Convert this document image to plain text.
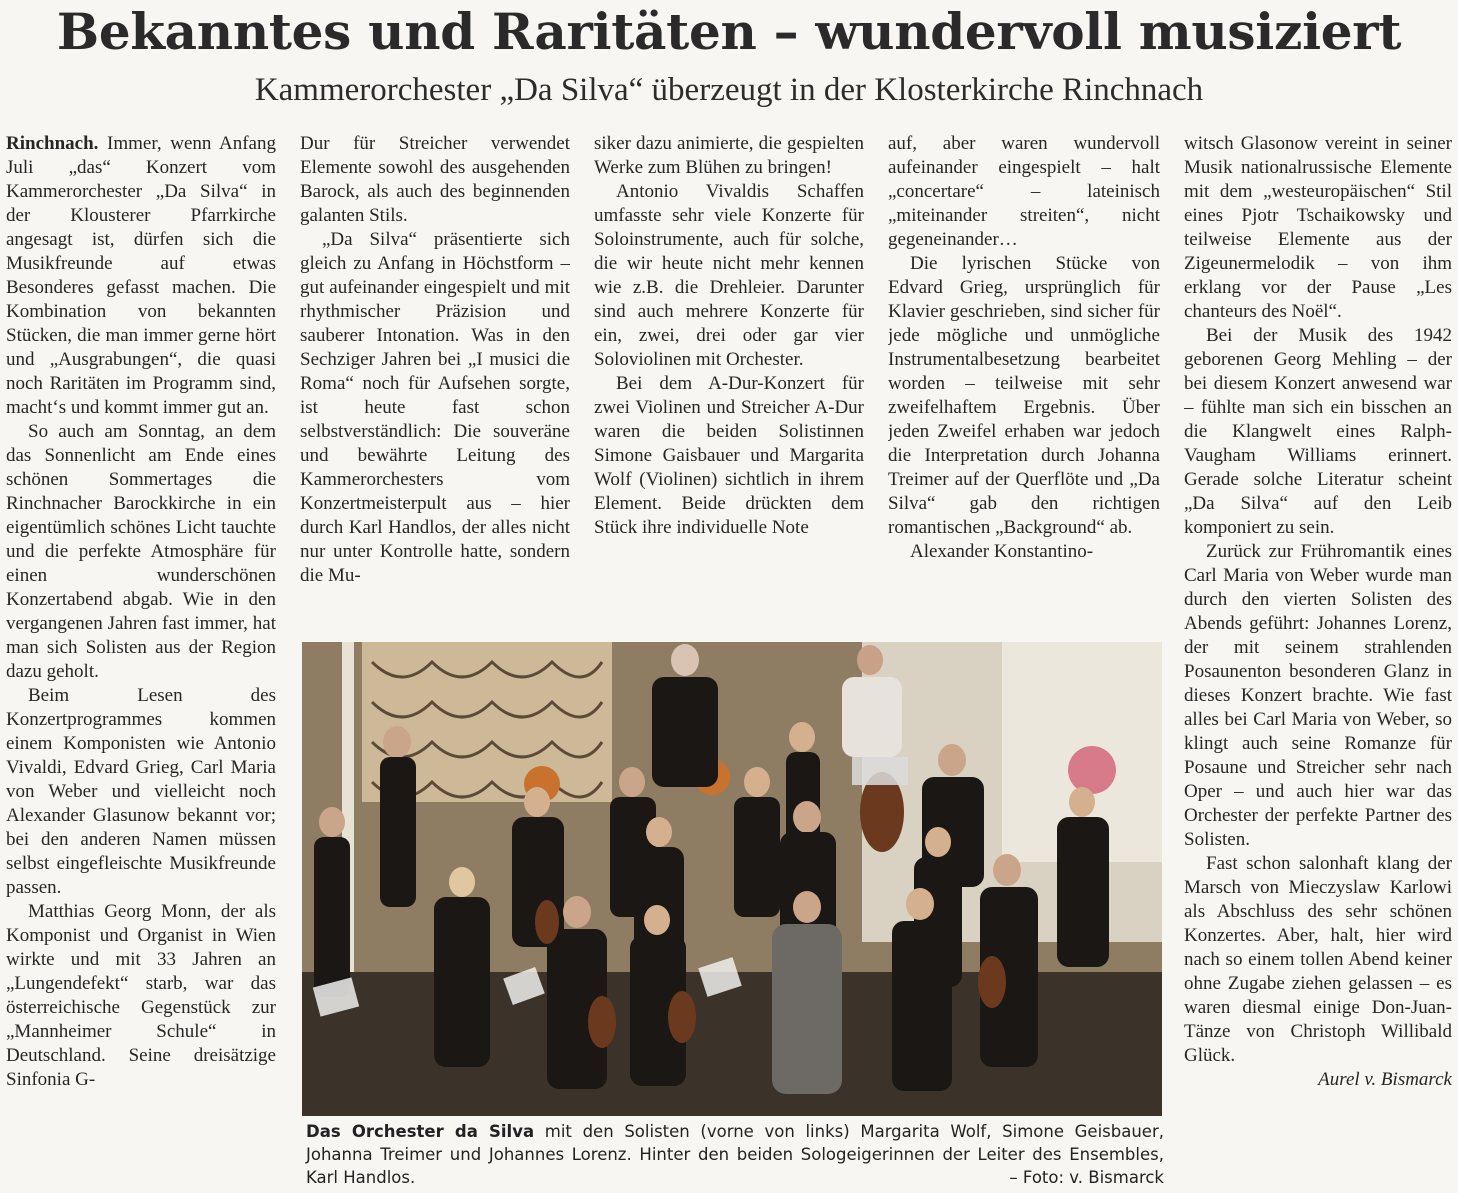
Bekanntes und Raritäten – wundervoll musiziert
Kammerorchester „Da Silva“ überzeugt in der Klosterkirche Rinchnach

Rinchnach. Immer, wenn Anfang Juli „das“ Konzert vom Kammerorchester „Da Silva“ in der Klousterer Pfarrkirche angesagt ist, dürfen sich die Musikfreunde auf etwas Besonderes gefasst machen. Die Kombination von bekannten Stücken, die man immer gerne hört und „Ausgrabungen“, die quasi noch Raritäten im Programm sind, macht‘s und kommt immer gut an.

So auch am Sonntag, an dem das Sonnenlicht am Ende eines schönen Sommertages die Rinchnacher Barockkirche in ein eigentümlich schönes Licht tauchte und die perfekte Atmosphäre für einen wunderschönen Konzertabend abgab. Wie in den vergangenen Jahren fast immer, hat man sich Solisten aus der Region dazu geholt.

Beim Lesen des Konzertprogrammes kommen einem Komponisten wie Antonio Vivaldi, Edvard Grieg, Carl Maria von Weber und vielleicht noch Alexander Glasunow bekannt vor; bei den anderen Namen müssen selbst eingefleischte Musikfreunde passen.

Matthias Georg Monn, der als Komponist und Organist in Wien wirkte und mit 33 Jahren an „Lungendefekt“ starb, war das österreichische Gegenstück zur „Mannheimer Schule“ in Deutschland. Seine dreisätzige Sinfonia G-

Dur für Streicher verwendet Elemente sowohl des ausgehenden Barock, als auch des beginnenden galanten Stils.

„Da Silva“ präsentierte sich gleich zu Anfang in Höchstform – gut aufeinander eingespielt und mit rhythmischer Präzision und sauberer Intonation. Was in den Sechziger Jahren bei „I musici die Roma“ noch für Aufsehen sorgte, ist heute fast schon selbstverständlich: Die souveräne und bewährte Leitung des Kammerorchesters vom Konzertmeisterpult aus – hier durch Karl Handlos, der alles nicht nur unter Kontrolle hatte, sondern die Mu-

siker dazu animierte, die gespielten Werke zum Blühen zu bringen!

Antonio Vivaldis Schaffen umfasste sehr viele Konzerte für Soloinstrumente, auch für solche, die wir heute nicht mehr kennen wie z.B. die Drehleier. Darunter sind auch mehrere Konzerte für ein, zwei, drei oder gar vier Soloviolinen mit Orchester.

Bei dem A-Dur-Konzert für zwei Violinen und Streicher A-Dur waren die beiden Solistinnen Simone Gaisbauer und Margarita Wolf (Violinen) sichtlich in ihrem Element. Beide drückten dem Stück ihre individuelle Note

auf, aber waren wundervoll aufeinander eingespielt – halt „concertare“ – lateinisch „miteinander streiten“, nicht gegeneinander…

Die lyrischen Stücke von Edvard Grieg, ursprünglich für Klavier geschrieben, sind sicher für jede mögliche und unmögliche Instrumentalbesetzung bearbeitet worden – teilweise mit sehr zweifelhaftem Ergebnis. Über jeden Zweifel erhaben war jedoch die Interpretation durch Johanna Treimer auf der Querflöte und „Da Silva“ gab den richtigen romantischen „Background“ ab.

Alexander Konstantino-

witsch Glasonow vereint in seiner Musik nationalrussische Elemente mit dem „westeuropäischen“ Stil eines Pjotr Tschaikowsky und teilweise Elemente aus der Zigeunermelodik – von ihm erklang vor der Pause „Les chanteurs des Noël“.

Bei der Musik des 1942 geborenen Georg Mehling – der bei diesem Konzert anwesend war – fühlte man sich ein bisschen an die Klangwelt eines Ralph-Vaugham Williams erinnert. Gerade solche Literatur scheint „Da Silva“ auf den Leib komponiert zu sein.

Zurück zur Frühromantik eines Carl Maria von Weber wurde man durch den vierten Solisten des Abends geführt: Johannes Lorenz, der mit seinem strahlenden Posaunenton besonderen Glanz in dieses Konzert brachte. Wie fast alles bei Carl Maria von Weber, so klingt auch seine Romanze für Posaune und Streicher sehr nach Oper – und auch hier war das Orchester der perfekte Partner des Solisten.

Fast schon salonhaft klang der Marsch von Mieczyslaw Karlowi als Abschluss des sehr schönen Konzertes. Aber, halt, hier wird nach so einem tollen Abend keiner ohne Zugabe ziehen gelassen – es waren diesmal einige Don-Juan-Tänze von Christoph Willibald Glück.

Aurel v. Bismarck

Das Orchester da Silva mit den Solisten (vorne von links) Margarita Wolf, Simone Geisbauer, Johanna Treimer und Johannes Lorenz. Hinter den beiden Sologeigerinnen der Leiter des Ensembles, Karl Handlos.	– Foto: v. Bismarck
